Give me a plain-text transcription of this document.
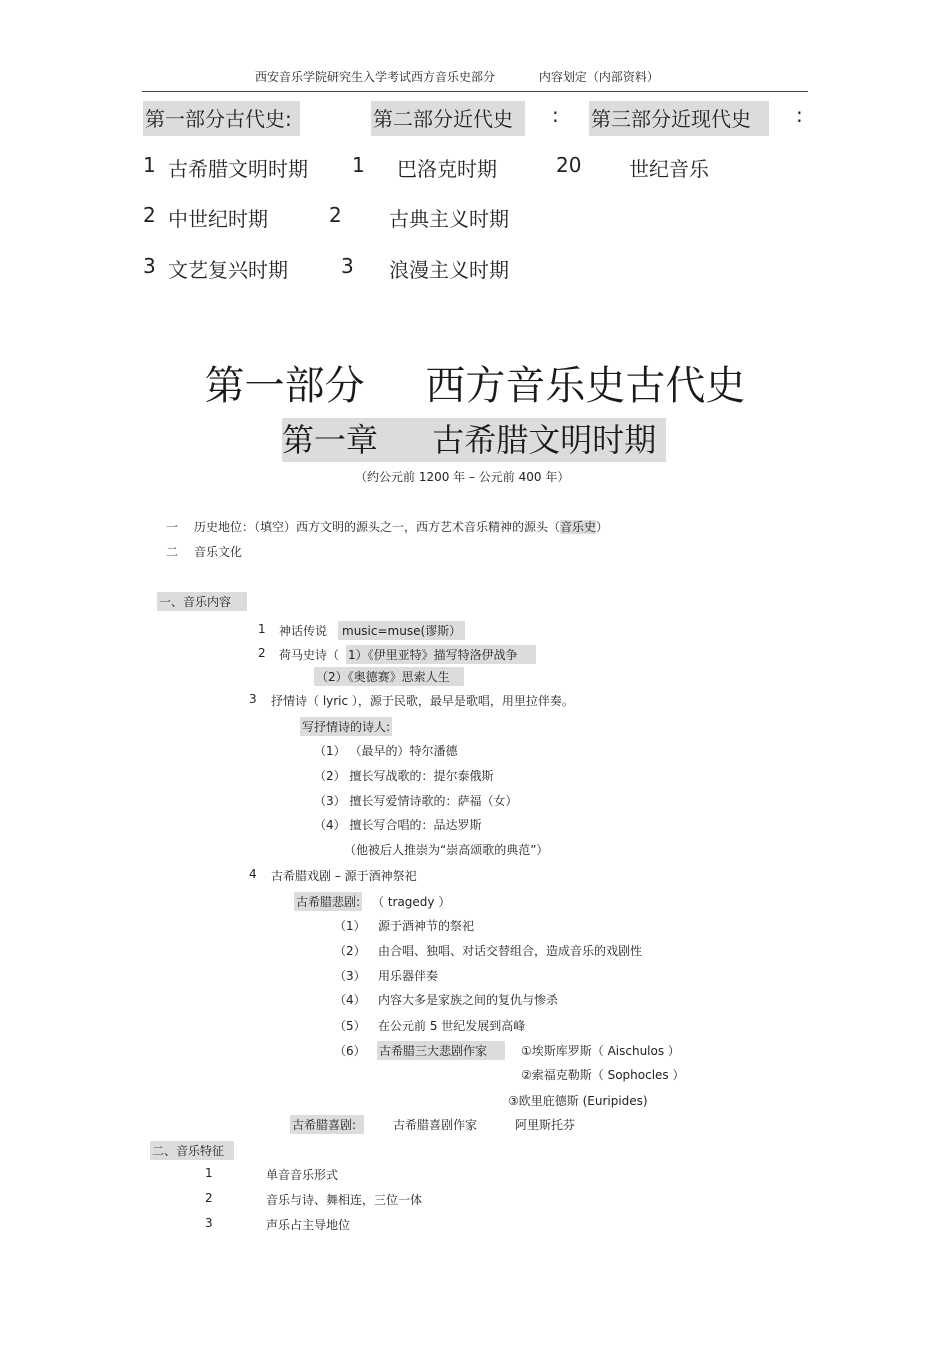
西安音乐学院研究生入学考试西方音乐史部分	内容划定（内部资料）
第一部分古代史:	第二部分近代史	: 第三部分近现代史	:
1 古希腊文明时期 1 巴洛克时期	20 世纪音乐
2 中世纪时期	2 古典主义时期
3 文艺复兴时期	3 浪漫主义时期
第一部分 西方音乐史古代史
第一章 古希腊文明时期
（约公元前 1200 年 – 公元前 400 年）
一 历史地位：（填空）西方文明的源头之一，西方艺术音乐精神的源头（音乐史）
二 音乐文化
一、音乐内容
1 神话传说	music=muse(谬斯）
2 荷马史诗（ 1）《伊里亚特》描写特洛伊战争
（2）《奥德赛》思索人生
3 抒情诗（ lyric ），源于民歌，最早是歌唱，用里拉伴奏。
写抒情诗的诗人:
（1） （最早的）特尔潘德
（2） 擅长写战歌的：提尔泰俄斯
（3） 擅长写爱情诗歌的：萨福（女）
（4） 擅长写合唱的：品达罗斯
（他被后人推崇为“崇高颂歌的典范”）
4 古希腊戏剧 – 源于酒神祭祀
古希腊悲剧: （ tragedy ）
（1） 源于酒神节的祭祀
（2） 由合唱、独唱、对话交替组合，造成音乐的戏剧性
（3） 用乐器伴奏
（4） 内容大多是家族之间的复仇与惨杀
（5） 在公元前 5 世纪发展到高峰
（6） 古希腊三大悲剧作家	①埃斯库罗斯（ Aischulos ）
②索福克勒斯（ Sophocles ）
③欧里庇德斯 (Euripides)
古希腊喜剧:	古希腊喜剧作家	阿里斯托芬
二、音乐特征
1	单音音乐形式
2	音乐与诗、舞相连，三位一体
3	声乐占主导地位
